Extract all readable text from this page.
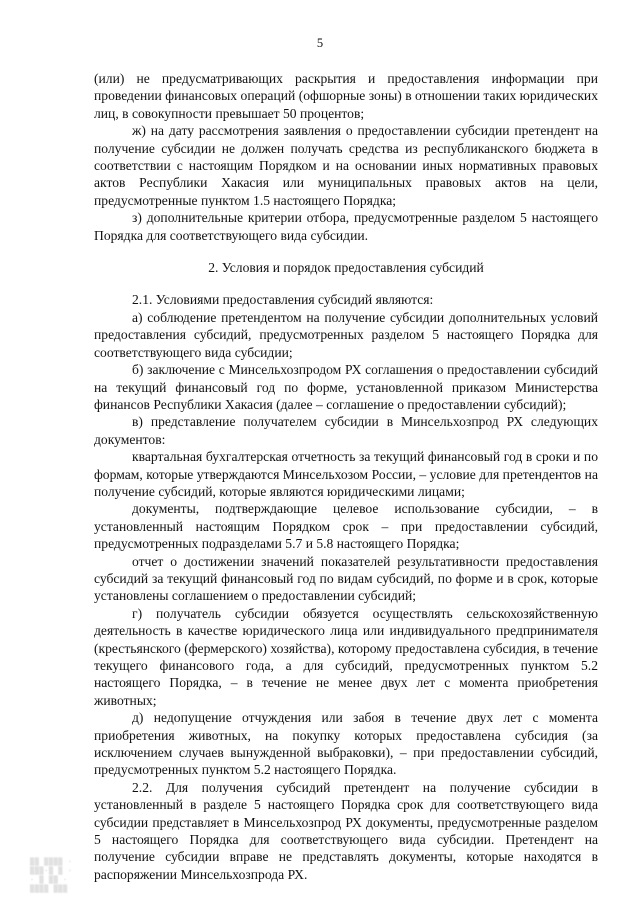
5

(или) не предусматривающих раскрытия и предоставления информации при проведении финансовых операций (офшорные зоны) в отношении таких юридических лиц, в совокупности превышает 50 процентов;

ж) на дату рассмотрения заявления о предоставлении субсидии претендент на получение субсидии не должен получать средства из республиканского бюджета в соответствии с настоящим Порядком и на основании иных нормативных правовых актов Республики Хакасия или муниципальных правовых актов на цели, предусмотренные пунктом 1.5 настоящего Порядка;

з) дополнительные критерии отбора, предусмотренные разделом 5 настоящего Порядка для соответствующего вида субсидии.

2. Условия и порядок предоставления субсидий

2.1. Условиями предоставления субсидий являются:

а) соблюдение претендентом на получение субсидии дополнительных условий предоставления субсидий, предусмотренных разделом 5 настоящего Порядка для соответствующего вида субсидии;

б) заключение с Минсельхозпродом РХ соглашения о предоставлении субсидий на текущий финансовый год по форме, установленной приказом Министерства финансов Республики Хакасия (далее – соглашение о предоставлении субсидий);

в) представление получателем субсидии в Минсельхозпрод РХ следующих документов:

квартальная бухгалтерская отчетность за текущий финансовый год в сроки и по формам, которые утверждаются Минсельхозом России, – условие для претендентов на получение субсидий, которые являются юридическими лицами;

документы, подтверждающие целевое использование субсидии, – в установленный настоящим Порядком срок – при предоставлении субсидий, предусмотренных подразделами 5.7 и 5.8 настоящего Порядка;

отчет о достижении значений показателей результативности предоставления субсидий за текущий финансовый год по видам субсидий, по форме и в срок, которые установлены соглашением о предоставлении субсидий;

г) получатель субсидии обязуется осуществлять сельскохозяйственную деятельность в качестве юридического лица или индивидуального предпринимателя (крестьянского (фермерского) хозяйства), которому предоставлена субсидия, в течение текущего финансового года, а для субсидий, предусмотренных пунктом 5.2 настоящего Порядка, – в течение не менее двух лет с момента приобретения животных;

д) недопущение отчуждения или забоя в течение двух лет с момента приобретения животных, на покупку которых предоставлена субсидия (за исключением случаев вынужденной выбраковки), – при предоставлении субсидий, предусмотренных пунктом 5.2 настоящего Порядка.

2.2. Для получения субсидий претендент на получение субсидии в установленный в разделе 5 настоящего Порядка срок для соответствующего вида субсидии представляет в Минсельхозпрод РХ документы, предусмотренные разделом 5 настоящего Порядка для соответствующего вида субсидии. Претендент на получение субсидии вправе не представлять документы, которые находятся в распоряжении Минсельхозпрода РХ.

▒▒ ▒▒▒▒ ·
▒▒▒·▒ ▒ ·
· ▒ ▒▒ ·
▒▒▒▒ ▒▒▒
